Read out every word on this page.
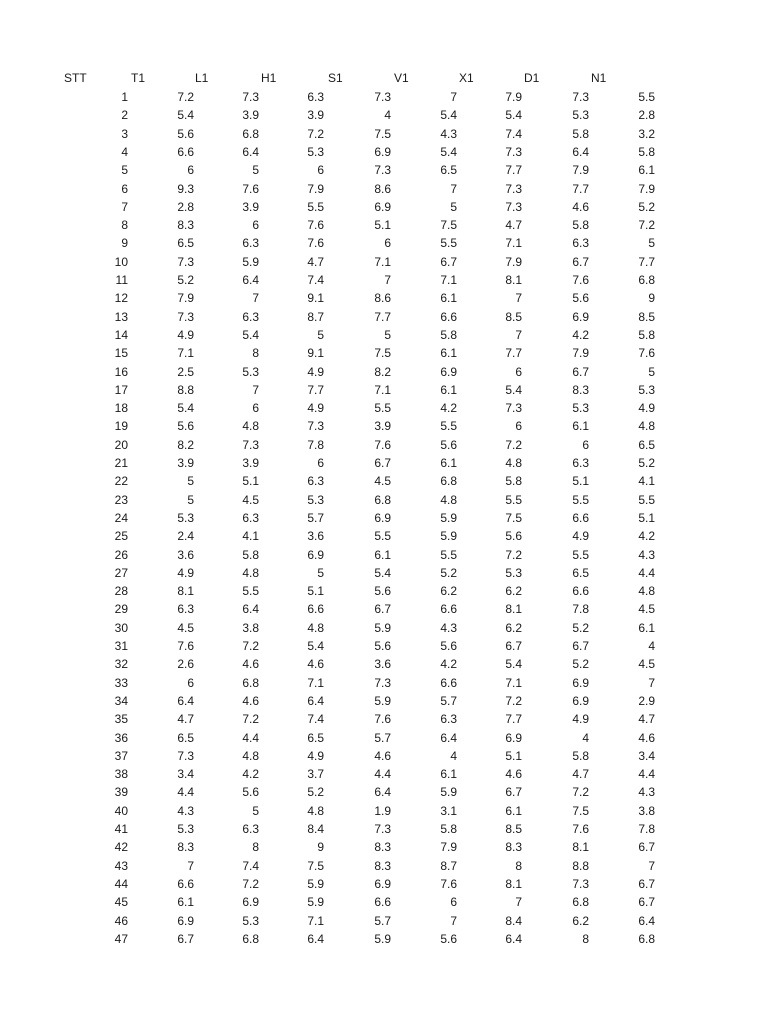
STT	T1	L1	H1	S1	V1	X1	D1	N1
1	7.2	7.3	6.3	7.3	7	7.9	7.3	5.5
2	5.4	3.9	3.9	4	5.4	5.4	5.3	2.8
3	5.6	6.8	7.2	7.5	4.3	7.4	5.8	3.2
4	6.6	6.4	5.3	6.9	5.4	7.3	6.4	5.8
5	6	5	6	7.3	6.5	7.7	7.9	6.1
6	9.3	7.6	7.9	8.6	7	7.3	7.7	7.9
7	2.8	3.9	5.5	6.9	5	7.3	4.6	5.2
8	8.3	6	7.6	5.1	7.5	4.7	5.8	7.2
9	6.5	6.3	7.6	6	5.5	7.1	6.3	5
10	7.3	5.9	4.7	7.1	6.7	7.9	6.7	7.7
11	5.2	6.4	7.4	7	7.1	8.1	7.6	6.8
12	7.9	7	9.1	8.6	6.1	7	5.6	9
13	7.3	6.3	8.7	7.7	6.6	8.5	6.9	8.5
14	4.9	5.4	5	5	5.8	7	4.2	5.8
15	7.1	8	9.1	7.5	6.1	7.7	7.9	7.6
16	2.5	5.3	4.9	8.2	6.9	6	6.7	5
17	8.8	7	7.7	7.1	6.1	5.4	8.3	5.3
18	5.4	6	4.9	5.5	4.2	7.3	5.3	4.9
19	5.6	4.8	7.3	3.9	5.5	6	6.1	4.8
20	8.2	7.3	7.8	7.6	5.6	7.2	6	6.5
21	3.9	3.9	6	6.7	6.1	4.8	6.3	5.2
22	5	5.1	6.3	4.5	6.8	5.8	5.1	4.1
23	5	4.5	5.3	6.8	4.8	5.5	5.5	5.5
24	5.3	6.3	5.7	6.9	5.9	7.5	6.6	5.1
25	2.4	4.1	3.6	5.5	5.9	5.6	4.9	4.2
26	3.6	5.8	6.9	6.1	5.5	7.2	5.5	4.3
27	4.9	4.8	5	5.4	5.2	5.3	6.5	4.4
28	8.1	5.5	5.1	5.6	6.2	6.2	6.6	4.8
29	6.3	6.4	6.6	6.7	6.6	8.1	7.8	4.5
30	4.5	3.8	4.8	5.9	4.3	6.2	5.2	6.1
31	7.6	7.2	5.4	5.6	5.6	6.7	6.7	4
32	2.6	4.6	4.6	3.6	4.2	5.4	5.2	4.5
33	6	6.8	7.1	7.3	6.6	7.1	6.9	7
34	6.4	4.6	6.4	5.9	5.7	7.2	6.9	2.9
35	4.7	7.2	7.4	7.6	6.3	7.7	4.9	4.7
36	6.5	4.4	6.5	5.7	6.4	6.9	4	4.6
37	7.3	4.8	4.9	4.6	4	5.1	5.8	3.4
38	3.4	4.2	3.7	4.4	6.1	4.6	4.7	4.4
39	4.4	5.6	5.2	6.4	5.9	6.7	7.2	4.3
40	4.3	5	4.8	1.9	3.1	6.1	7.5	3.8
41	5.3	6.3	8.4	7.3	5.8	8.5	7.6	7.8
42	8.3	8	9	8.3	7.9	8.3	8.1	6.7
43	7	7.4	7.5	8.3	8.7	8	8.8	7
44	6.6	7.2	5.9	6.9	7.6	8.1	7.3	6.7
45	6.1	6.9	5.9	6.6	6	7	6.8	6.7
46	6.9	5.3	7.1	5.7	7	8.4	6.2	6.4
47	6.7	6.8	6.4	5.9	5.6	6.4	8	6.8
